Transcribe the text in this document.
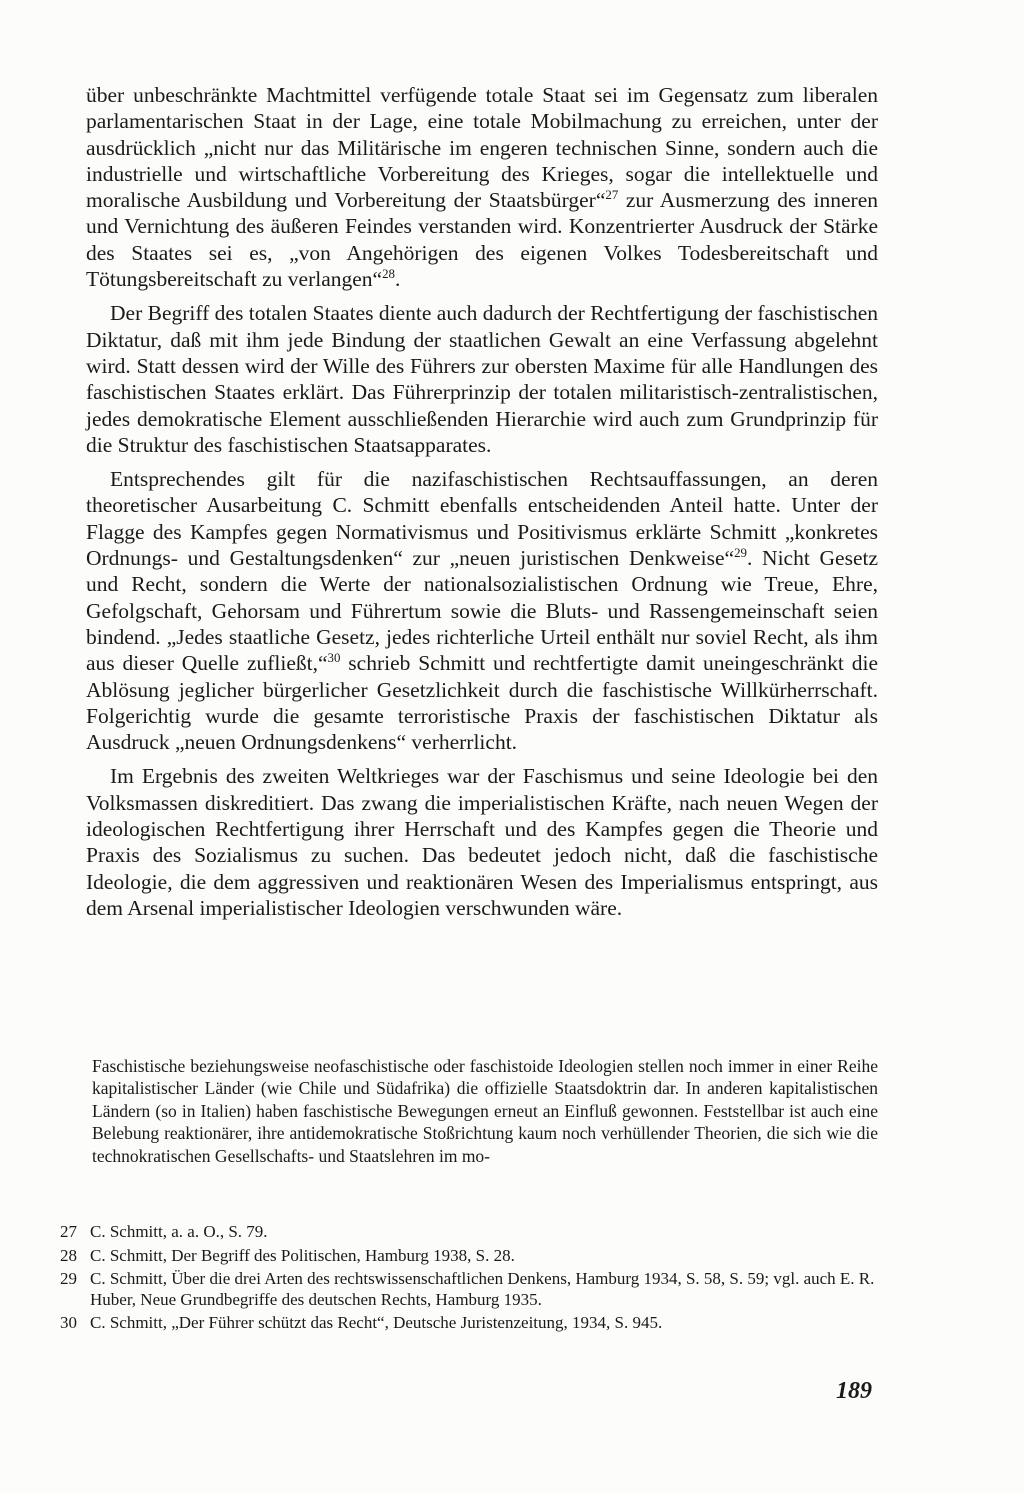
über unbeschränkte Machtmittel verfügende totale Staat sei im Gegensatz zum liberalen parlamentarischen Staat in der Lage, eine totale Mobilmachung zu erreichen, unter der ausdrücklich „nicht nur das Militärische im engeren technischen Sinne, sondern auch die industrielle und wirtschaftliche Vorbereitung des Krieges, sogar die intellektuelle und moralische Ausbildung und Vorbereitung der Staatsbürger“$^{27}$ zur Ausmerzung des inneren und Vernichtung des äußeren Feindes verstanden wird. Konzentrierter Ausdruck der Stärke des Staates sei es, „von Angehörigen des eigenen Volkes Todesbereitschaft und Tötungsbereitschaft zu verlangen“$^{28}$.

Der Begriff des totalen Staates diente auch dadurch der Rechtfertigung der faschistischen Diktatur, daß mit ihm jede Bindung der staatlichen Gewalt an eine Verfassung abgelehnt wird. Statt dessen wird der Wille des Führers zur obersten Maxime für alle Handlungen des faschistischen Staates erklärt. Das Führerprinzip der totalen militaristisch-zentralistischen, jedes demokratische Element ausschließenden Hierarchie wird auch zum Grundprinzip für die Struktur des faschistischen Staatsapparates.

Entsprechendes gilt für die nazifaschistischen Rechtsauffassungen, an deren theoretischer Ausarbeitung C. Schmitt ebenfalls entscheidenden Anteil hatte. Unter der Flagge des Kampfes gegen Normativismus und Positivismus erklärte Schmitt „konkretes Ordnungs- und Gestaltungsdenken“ zur „neuen juristischen Denkweise“$^{29}$. Nicht Gesetz und Recht, sondern die Werte der nationalsozialistischen Ordnung wie Treue, Ehre, Gefolgschaft, Gehorsam und Führertum sowie die Bluts- und Rassengemeinschaft seien bindend. „Jedes staatliche Gesetz, jedes richterliche Urteil enthält nur soviel Recht, als ihm aus dieser Quelle zufließt,“$^{30}$ schrieb Schmitt und rechtfertigte damit uneingeschränkt die Ablösung jeglicher bürgerlicher Gesetzlichkeit durch die faschistische Willkürherrschaft. Folgerichtig wurde die gesamte terroristische Praxis der faschistischen Diktatur als Ausdruck „neuen Ordnungsdenkens“ verherrlicht.

Im Ergebnis des zweiten Weltkrieges war der Faschismus und seine Ideologie bei den Volksmassen diskreditiert. Das zwang die imperialistischen Kräfte, nach neuen Wegen der ideologischen Rechtfertigung ihrer Herrschaft und des Kampfes gegen die Theorie und Praxis des Sozialismus zu suchen. Das bedeutet jedoch nicht, daß die faschistische Ideologie, die dem aggressiven und reaktionären Wesen des Imperialismus entspringt, aus dem Arsenal imperialistischer Ideologien verschwunden wäre.

Faschistische beziehungsweise neofaschistische oder faschistoide Ideologien stellen noch immer in einer Reihe kapitalistischer Länder (wie Chile und Südafrika) die offizielle Staatsdoktrin dar. In anderen kapitalistischen Ländern (so in Italien) haben faschistische Bewegungen erneut an Einfluß gewonnen. Feststellbar ist auch eine Belebung reaktionärer, ihre antidemokratische Stoßrichtung kaum noch verhüllender Theorien, die sich wie die technokratischen Gesellschafts- und Staatslehren im mo-

27 C. Schmitt, a. a. O., S. 79.
28 C. Schmitt, Der Begriff des Politischen, Hamburg 1938, S. 28.
29 C. Schmitt, Über die drei Arten des rechtswissenschaftlichen Denkens, Hamburg 1934, S. 58, S. 59; vgl. auch E. R. Huber, Neue Grundbegriffe des deutschen Rechts, Hamburg 1935.
30 C. Schmitt, „Der Führer schützt das Recht“, Deutsche Juristenzeitung, 1934, S. 945.
189
